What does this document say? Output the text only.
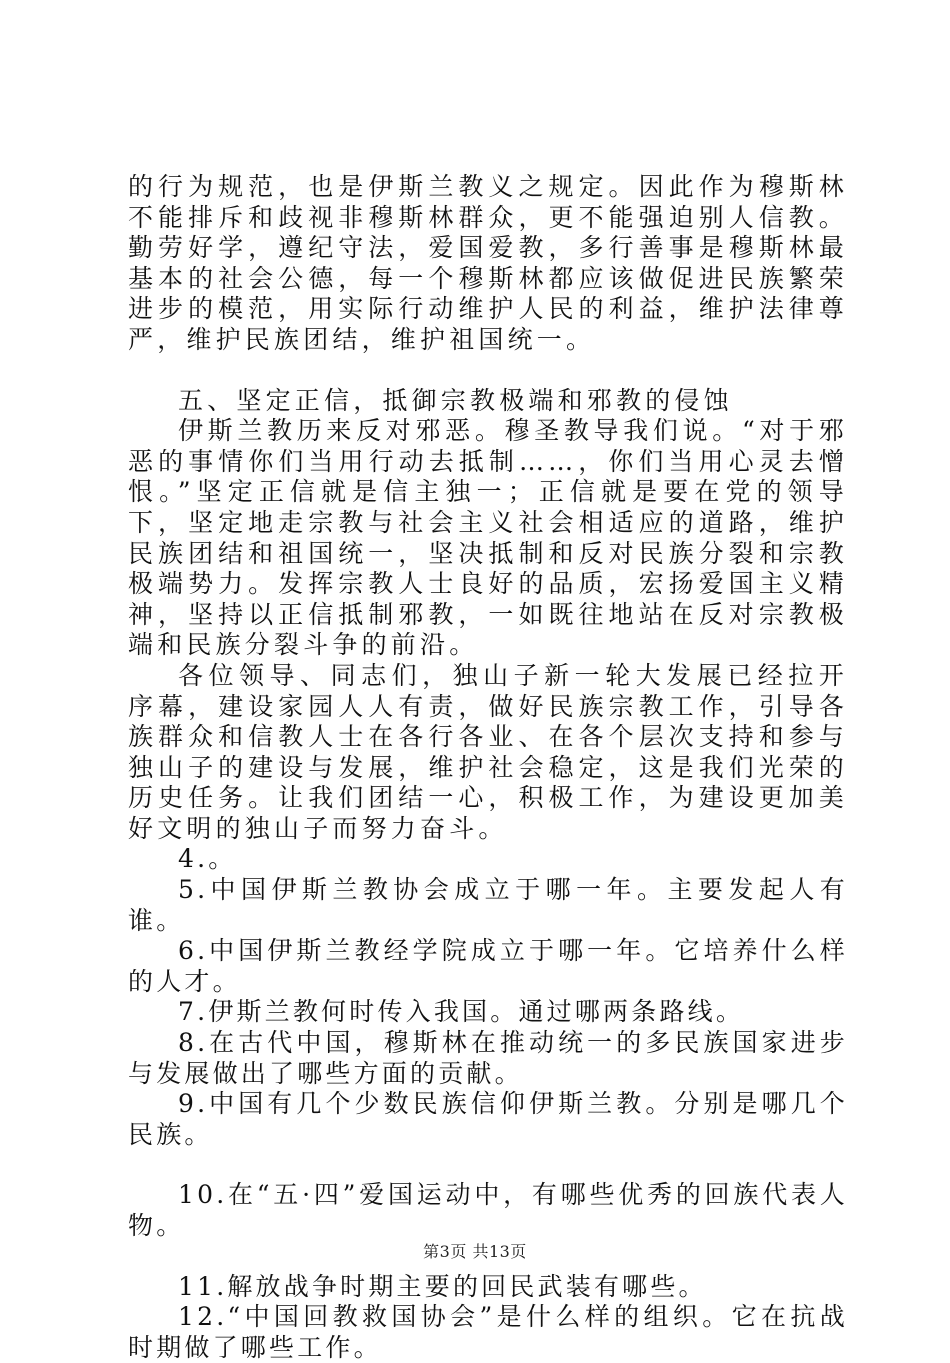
的行为规范，也是伊斯兰教义之规定。因此作为穆斯林不能排斥和歧视非穆斯林群众，更不能强迫别人信教。勤劳好学，遵纪守法，爱国爱教，多行善事是穆斯林最基本的社会公德，每一个穆斯林都应该做促进民族繁荣进步的模范，用实际行动维护人民的利益，维护法律尊严，维护民族团结，维护祖国统一。

五、坚定正信，抵御宗教极端和邪教的侵蚀

伊斯兰教历来反对邪恶。穆圣教导我们说。“对于邪恶的事情你们当用行动去抵制……，你们当用心灵去憎恨。”坚定正信就是信主独一；正信就是要在党的领导下，坚定地走宗教与社会主义社会相适应的道路，维护民族团结和祖国统一，坚决抵制和反对民族分裂和宗教极端势力。发挥宗教人士良好的品质，宏扬爱国主义精神，坚持以正信抵制邪教，一如既往地站在反对宗教极端和民族分裂斗争的前沿。

各位领导、同志们，独山子新一轮大发展已经拉开序幕，建设家园人人有责，做好民族宗教工作，引导各族群众和信教人士在各行各业、在各个层次支持和参与独山子的建设与发展，维护社会稳定，这是我们光荣的历史任务。让我们团结一心，积极工作，为建设更加美好文明的独山子而努力奋斗。

4.。

5.中国伊斯兰教协会成立于哪一年。主要发起人有谁。

6.中国伊斯兰教经学院成立于哪一年。它培养什么样的人才。

7.伊斯兰教何时传入我国。通过哪两条路线。

8.在古代中国，穆斯林在推动统一的多民族国家进步与发展做出了哪些方面的贡献。

9.中国有几个少数民族信仰伊斯兰教。分别是哪几个民族。

10.在“五·四”爱国运动中，有哪些优秀的回族代表人物。

11.解放战争时期主要的回民武装有哪些。

12.“中国回教救国协会”是什么样的组织。它在抗战时期做了哪些工作。

第3页 共13页
